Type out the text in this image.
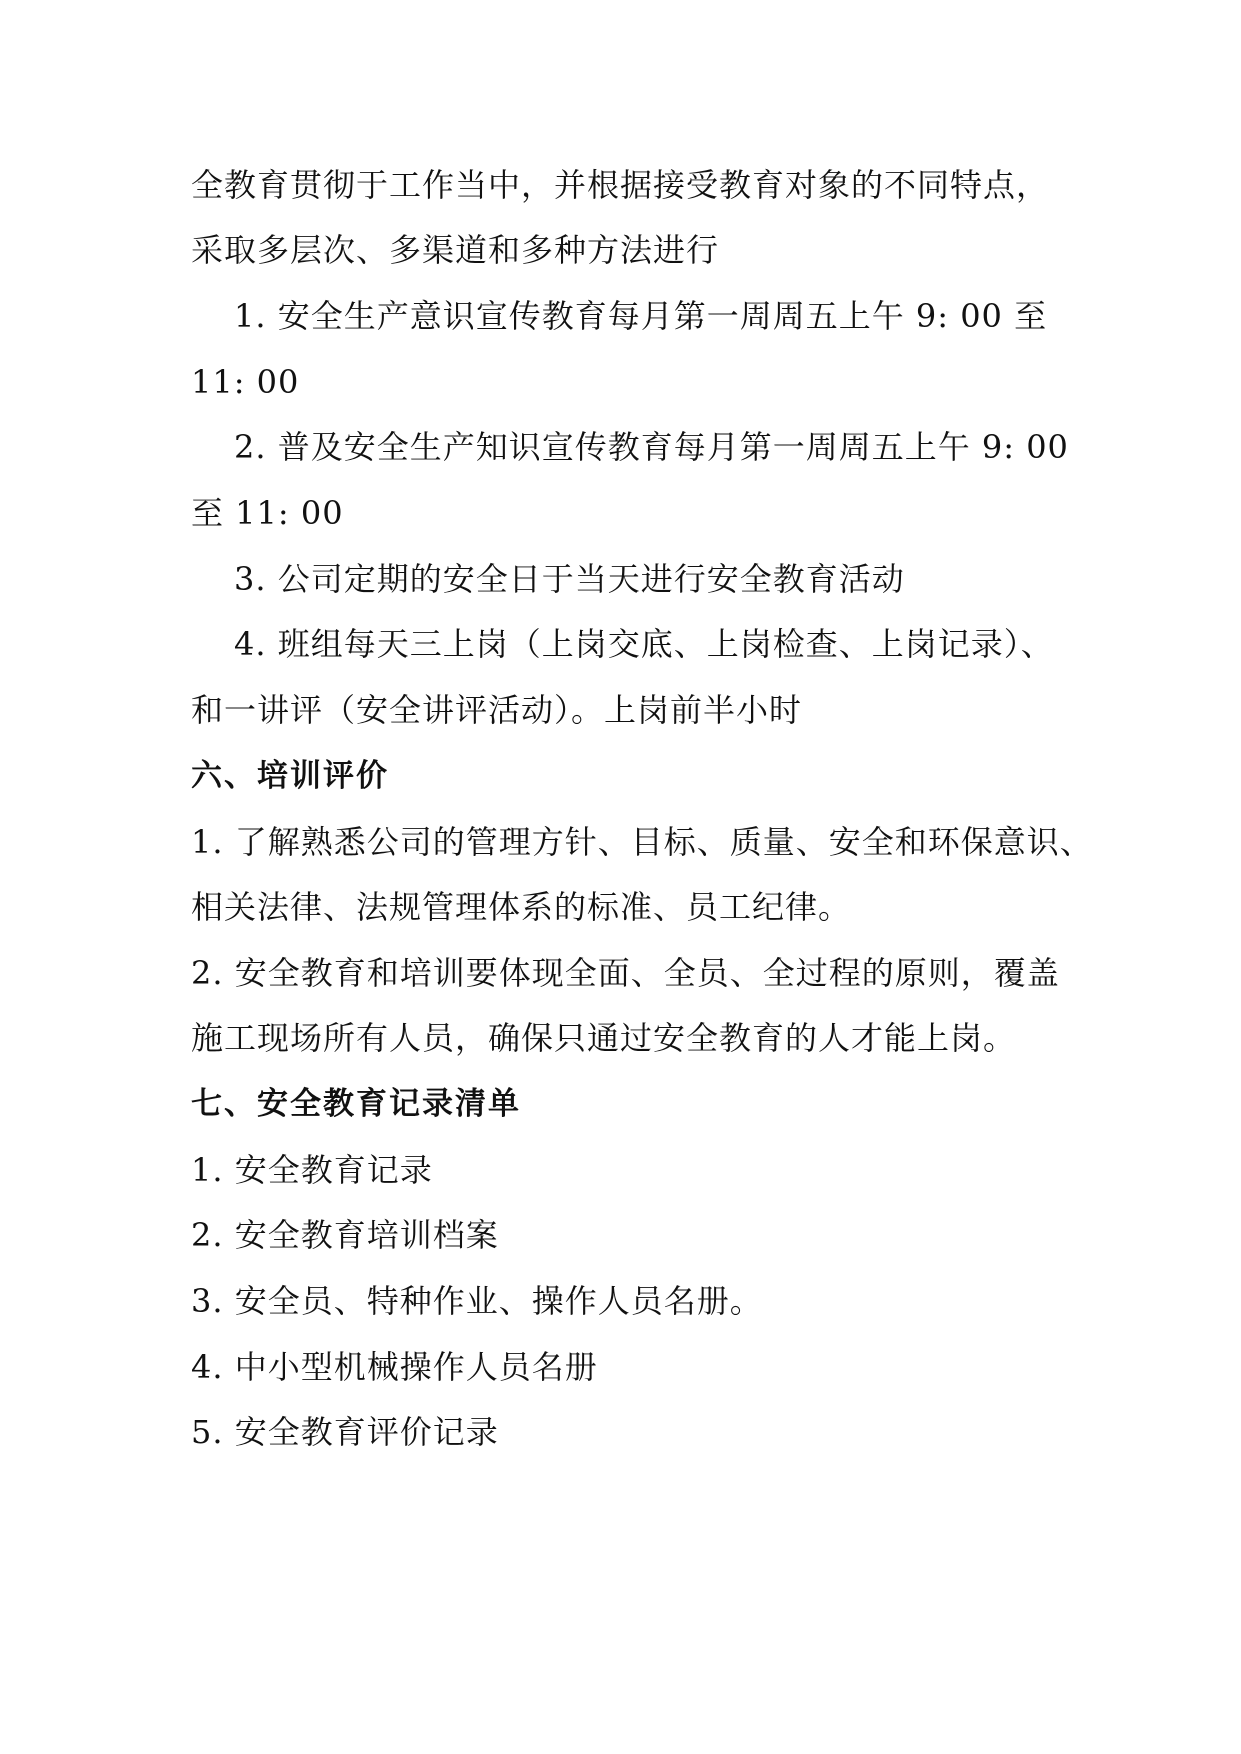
全教育贯彻于工作当中，并根据接受教育对象的不同特点，
采取多层次、多渠道和多种方法进行
1. 安全生产意识宣传教育每月第一周周五上午 9: 00 至
11: 00
2. 普及安全生产知识宣传教育每月第一周周五上午 9: 00
至 11: 00
3. 公司定期的安全日于当天进行安全教育活动
4. 班组每天三上岗（上岗交底、上岗检查、上岗记录）、
和一讲评（安全讲评活动）。上岗前半小时
六、培训评价
1. 了解熟悉公司的管理方针、目标、质量、安全和环保意识、
相关法律、法规管理体系的标准、员工纪律。
2. 安全教育和培训要体现全面、全员、全过程的原则，覆盖
施工现场所有人员，确保只通过安全教育的人才能上岗。
七、安全教育记录清单
1. 安全教育记录
2. 安全教育培训档案
3. 安全员、特种作业、操作人员名册。
4. 中小型机械操作人员名册
5. 安全教育评价记录
